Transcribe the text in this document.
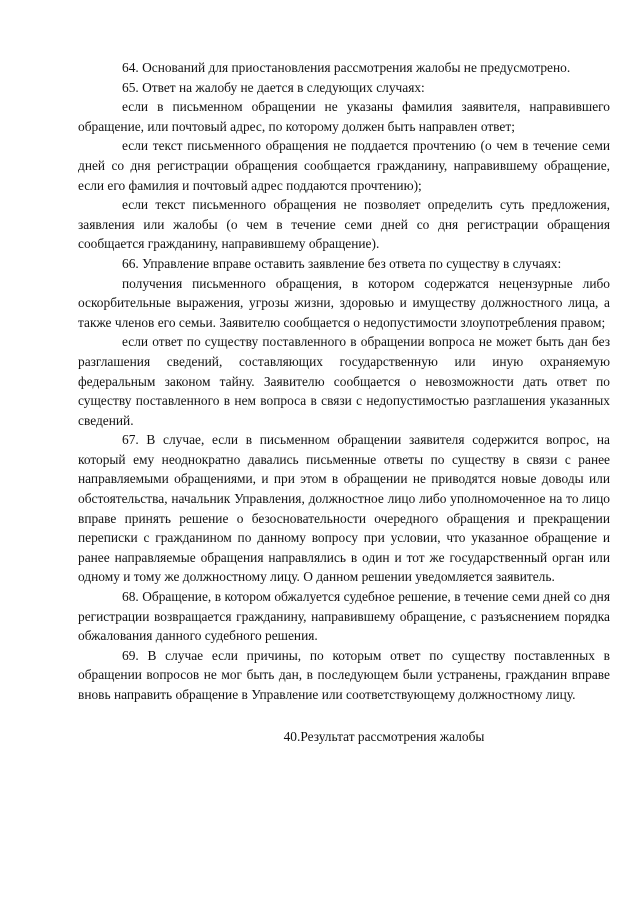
64. Оснований для приостановления рассмотрения жалобы не предусмотрено.

65. Ответ на жалобу не дается в следующих случаях:

если в письменном обращении не указаны фамилия заявителя, направившего обращение, или почтовый адрес, по которому должен быть направлен ответ;

если текст письменного обращения не поддается прочтению (о чем в течение семи дней со дня регистрации обращения сообщается гражданину, направившему обращение, если его фамилия и почтовый адрес поддаются прочтению);

если текст письменного обращения не позволяет определить суть предложения, заявления или жалобы (о чем в течение семи дней со дня регистрации обращения сообщается гражданину, направившему обращение).

66. Управление вправе оставить заявление без ответа по существу в случаях:

получения письменного обращения, в котором содержатся нецензурные либо оскорбительные выражения, угрозы жизни, здоровью и имуществу должностного лица, а также членов его семьи. Заявителю сообщается о недопустимости злоупотребления правом;

если ответ по существу поставленного в обращении вопроса не может быть дан без разглашения сведений, составляющих государственную или иную охраняемую федеральным законом тайну. Заявителю сообщается о невозможности дать ответ по существу поставленного в нем вопроса в связи с недопустимостью разглашения указанных сведений.

67. В случае, если в письменном обращении заявителя содержится вопрос, на который ему неоднократно давались письменные ответы по существу в связи с ранее направляемыми обращениями, и при этом в обращении не приводятся новые доводы или обстоятельства, начальник Управления, должностное лицо либо уполномоченное на то лицо вправе принять решение о безосновательности очередного обращения и прекращении переписки с гражданином по данному вопросу при условии, что указанное обращение и ранее направляемые обращения направлялись в один и тот же государственный орган или одному и тому же должностному лицу. О данном решении уведомляется заявитель.

68. Обращение, в котором обжалуется судебное решение, в течение семи дней со дня регистрации возвращается гражданину, направившему обращение, с разъяснением порядка обжалования данного судебного решения.

69. В случае если причины, по которым ответ по существу поставленных в обращении вопросов не мог быть дан, в последующем были устранены, гражданин вправе вновь направить обращение в Управление или соответствующему должностному лицу.

40.Результат рассмотрения жалобы
